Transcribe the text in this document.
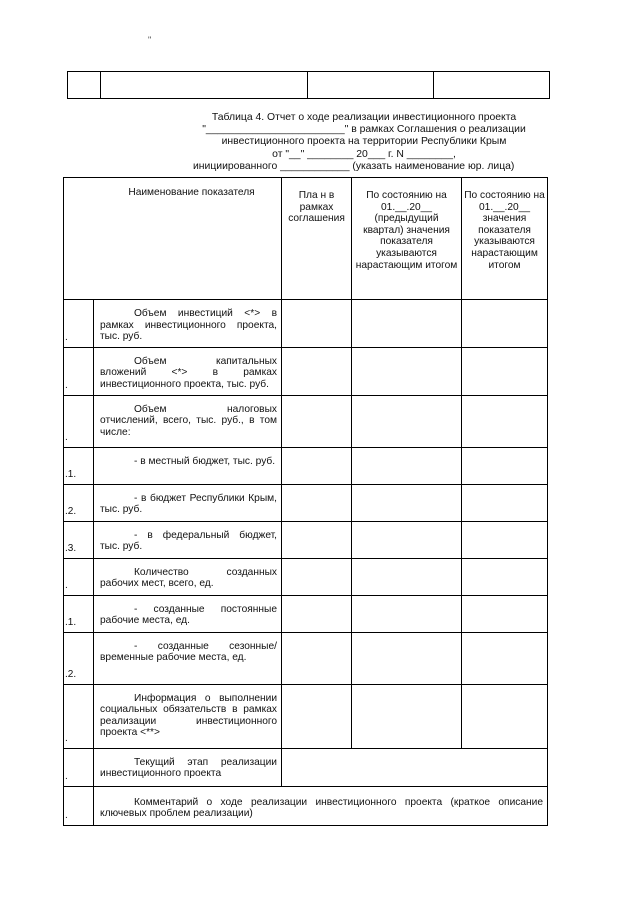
"

Таблица 4. Отчет о ходе реализации инвестиционного проекта
"________________________" в рамках Соглашения о реализации
инвестиционного проекта на территории Республики Крым
от "__" ________ 20___ г. N ________,
инициированного ____________ (указать наименование юр. лица)
Наименование показателя		Пла н в рамках соглашения	По состоянию на 01.__.20__ (предыдущий квартал) значения показателя указываются нарастающим итогом	По состоянию на 01.__.20__ значения показателя указываются нарастающим итогом

.	Объем инвестиций <*> в рамках инвестиционного проекта, тыс. руб.			

.	Объем капитальных вложений <*> в рамках инвестиционного проекта, тыс. руб.			

.	Объем налоговых отчислений, всего, тыс. руб., в том числе:			

.1.	- в местный бюджет, тыс. руб.			

.2.	- в бюджет Республики Крым, тыс. руб.			

.3.	- в федеральный бюджет, тыс. руб.			

.	Количество созданных рабочих мест, всего, ед.			

.1.	- созданные постоянные рабочие места, ед.			

.2.	- созданные сезонные/временные рабочие места, ед.			

.	Информация о выполнении социальных обязательств в рамках реализации инвестиционного проекта <**>			

.	Текущий этап реализации инвестиционного проекта			

.	Комментарий о ходе реализации инвестиционного проекта (краткое описание ключевых проблем реализации)			
